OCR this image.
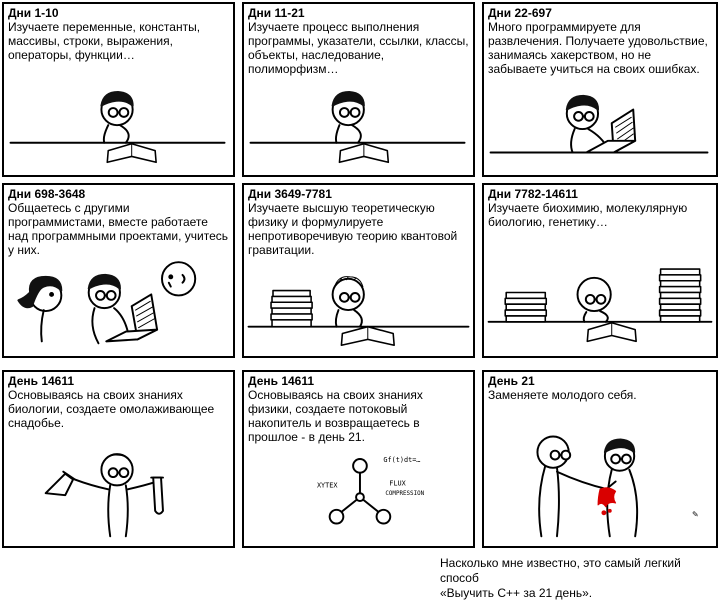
Дни 1-10
Изучаете переменные, константы, массивы, строки, выражения, операторы, функции…
Дни 11-21
Изучаете процесс выполнения программы, указатели, ссылки, классы, объекты, наследование, полиморфизм…
Дни 22-697
Много программируете для развлечения. Получаете удовольствие, занимаясь хакерством, но не забываете учиться на своих ошибках.
Дни 698-3648
Общаетесь с другими программистами, вместе работаете над программными проектами, учитесь у них.
Дни 3649-7781
Изучаете высшую теоретическую физику и формулируете непротиворечивую теорию квантовой гравитации.
Дни 7782-14611
Изучаете биохимию, молекулярную биологию, генетику…
День 14611
Основываясь на своих знаниях биологии, создаете омолаживающее снадобье.
День 14611
Основываясь на своих знаниях физики, создаете потоковый накопитель и возвращаетесь в прошлое - в день 21.
Gf(t)dt=…
XYTEX	FLUX
COMPRESSION
День 21
Заменяете молодого себя.
✎
Насколько мне известно, это самый легкий способ
«Выучить C++ за 21 день».
